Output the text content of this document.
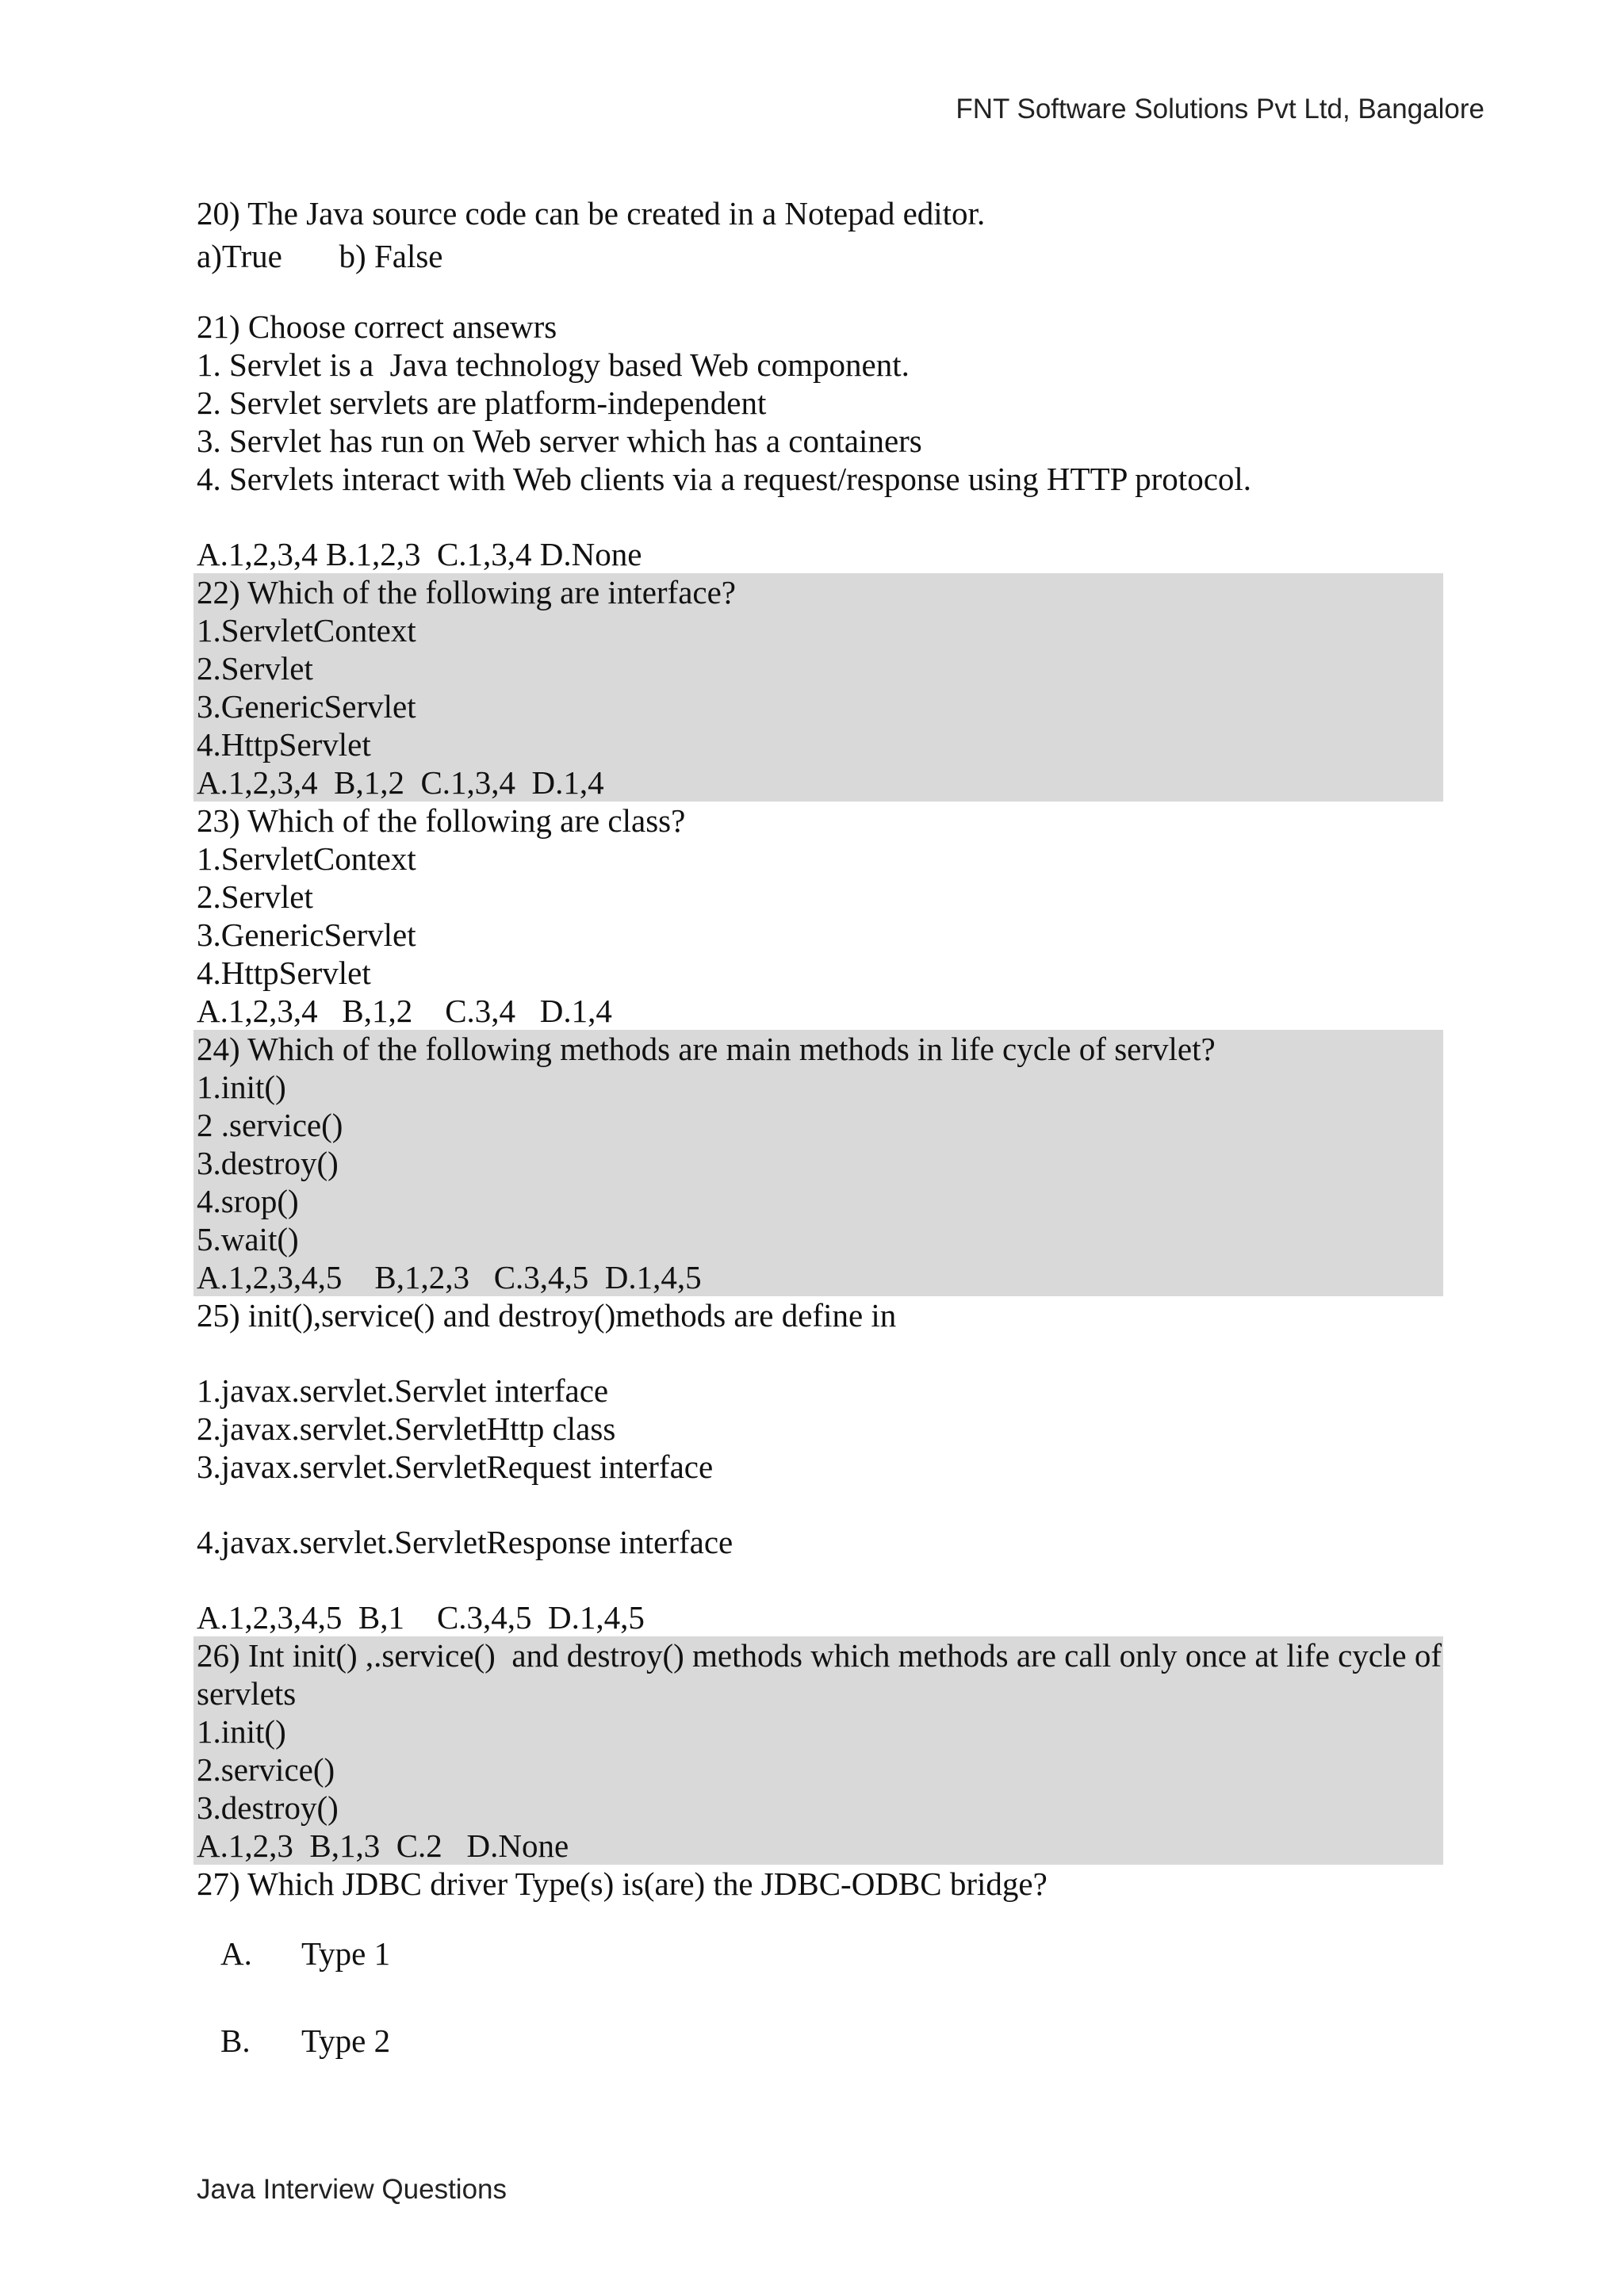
FNT Software Solutions Pvt Ltd, Bangalore
20) The Java source code can be created in a Notepad editor.
a)True       b) False
21) Choose correct ansewrs
1. Servlet is a  Java technology based Web component.
2. Servlet servlets are platform-independent
3. Servlet has run on Web server which has a containers
4. Servlets interact with Web clients via a request/response using HTTP protocol.
A.1,2,3,4 B.1,2,3  C.1,3,4 D.None
22) Which of the following are interface?
1.ServletContext
2.Servlet
3.GenericServlet
4.HttpServlet
A.1,2,3,4  B,1,2  C.1,3,4  D.1,4
23) Which of the following are class?
1.ServletContext
2.Servlet
3.GenericServlet
4.HttpServlet
A.1,2,3,4   B,1,2    C.3,4   D.1,4
24) Which of the following methods are main methods in life cycle of servlet?
1.init()
2 .service()
3.destroy()
4.srop()
5.wait()
A.1,2,3,4,5    B,1,2,3   C.3,4,5  D.1,4,5
25) init(),service() and destroy()methods are define in
1.javax.servlet.Servlet interface
2.javax.servlet.ServletHttp class
3.javax.servlet.ServletRequest interface
4.javax.servlet.ServletResponse interface
A.1,2,3,4,5  B,1    C.3,4,5  D.1,4,5
26) Int init() ,.service()  and destroy() methods which methods are call only once at life cycle of servlets
1.init()
2.service()
3.destroy()
A.1,2,3  B,1,3  C.2   D.None
27) Which JDBC driver Type(s) is(are) the JDBC-ODBC bridge?
A.	Type 1
B.	Type 2
Java Interview Questions
